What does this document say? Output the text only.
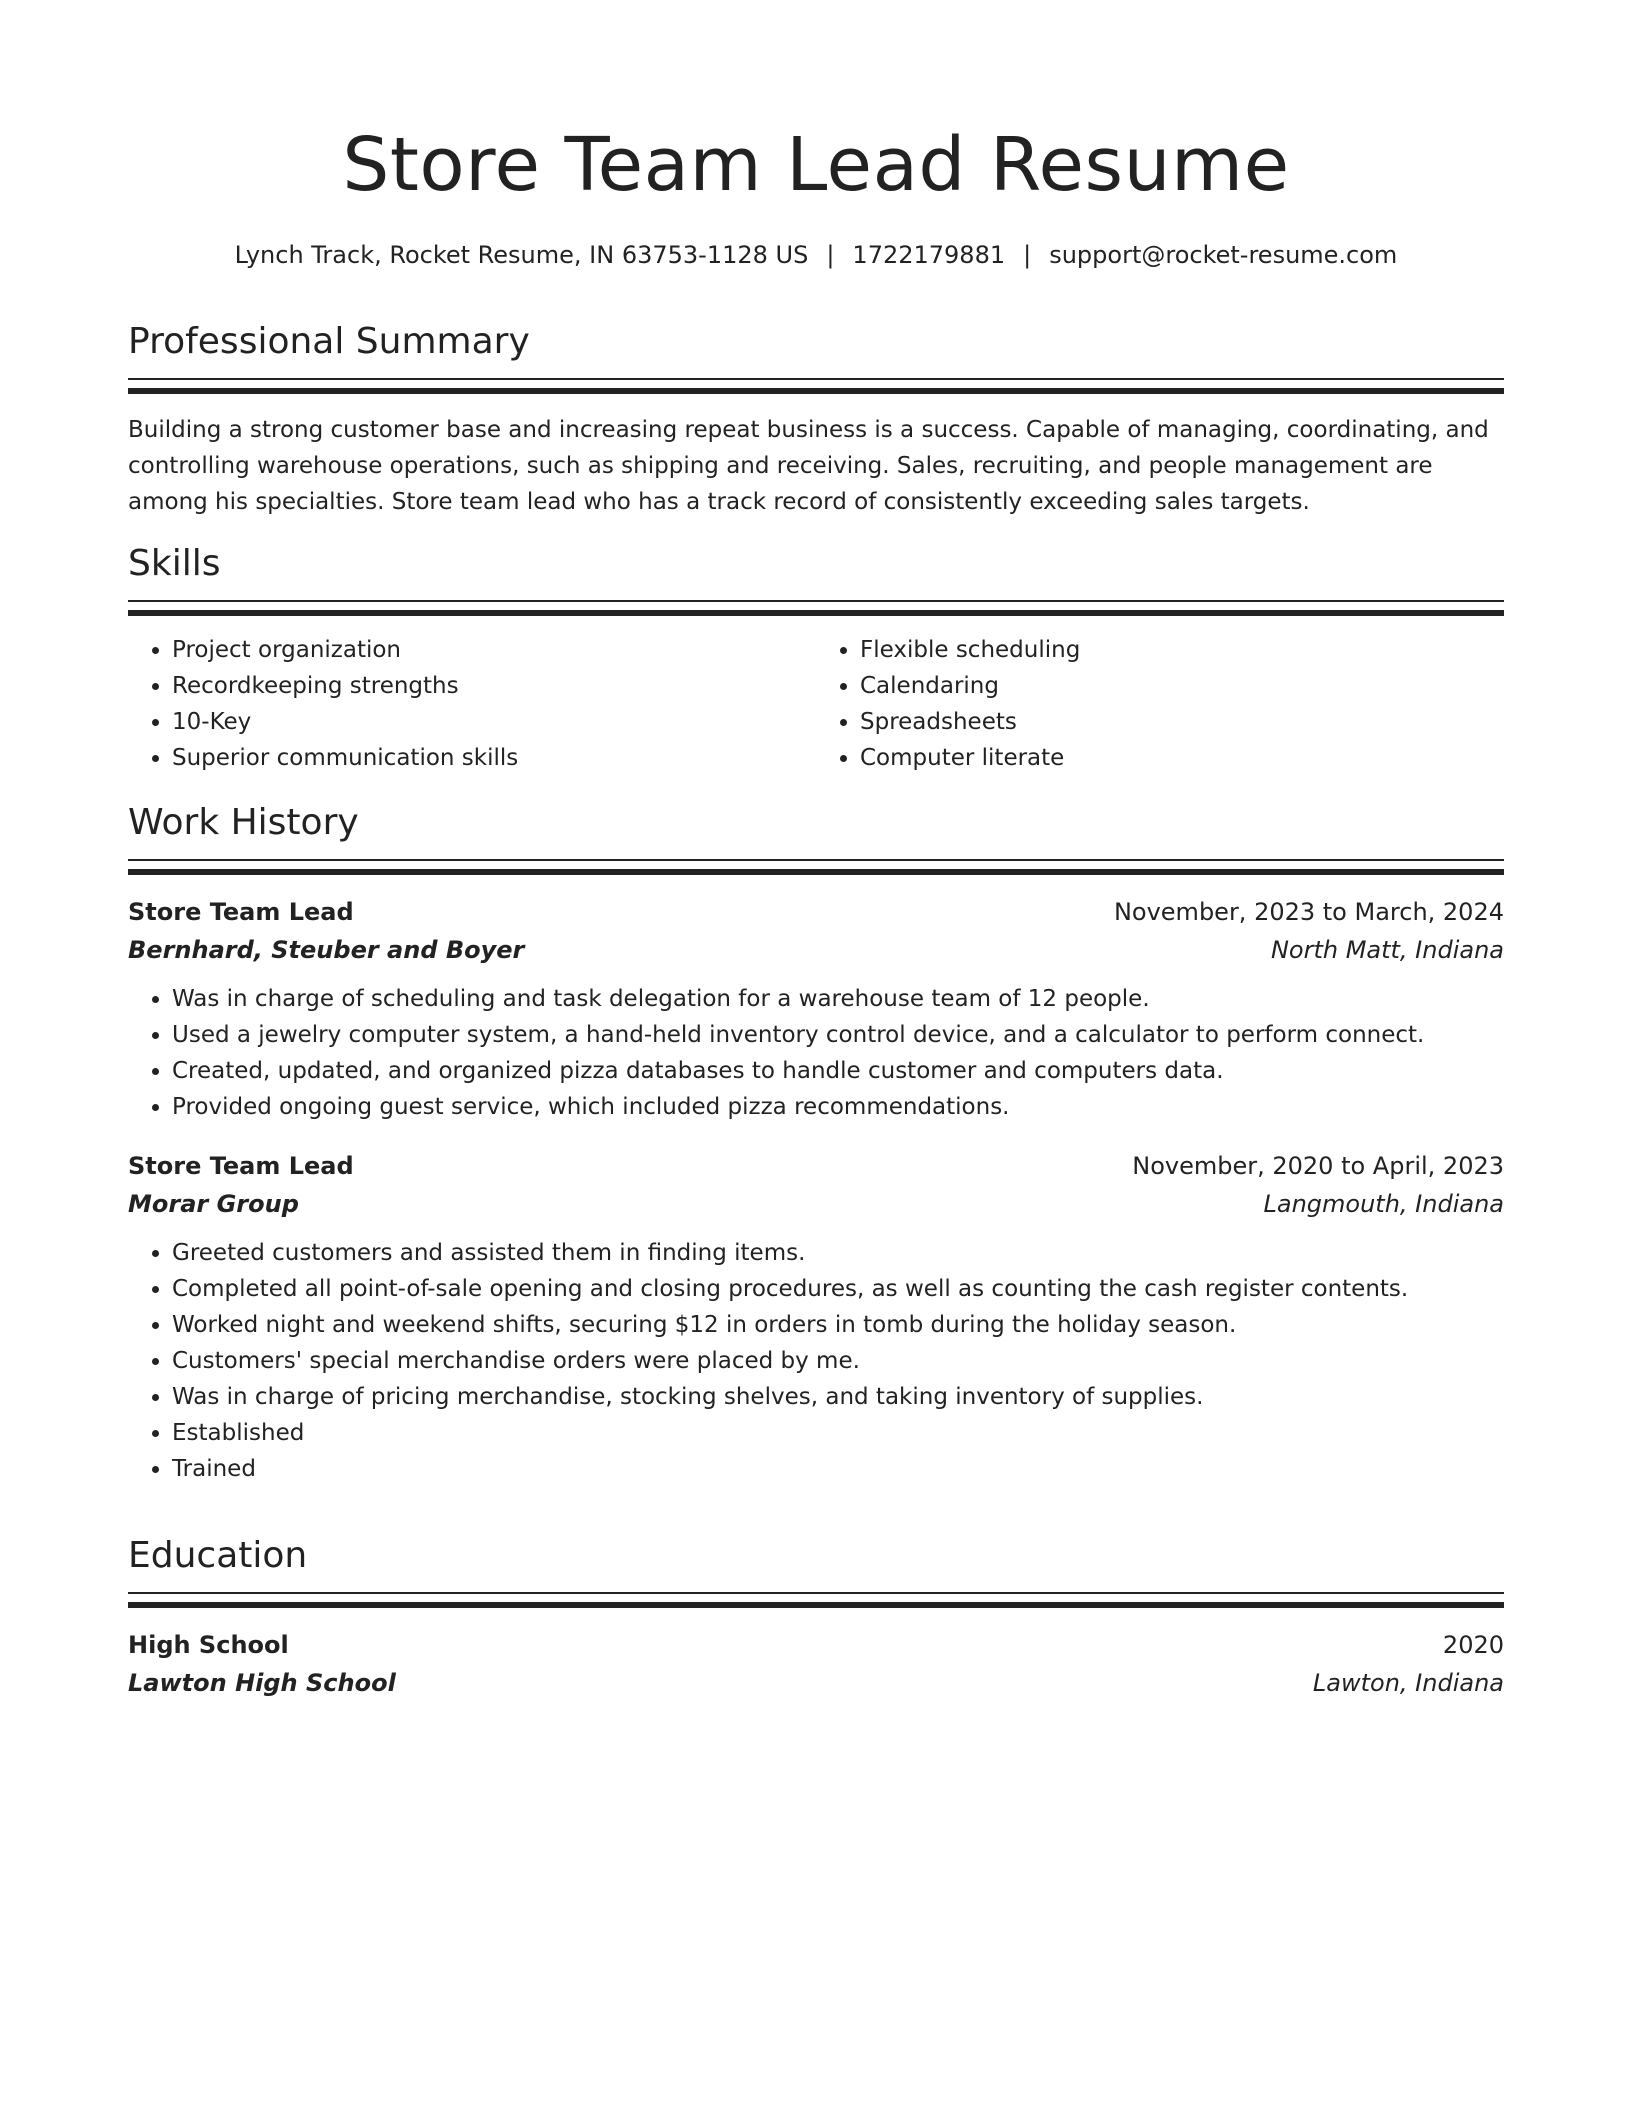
Store Team Lead Resume
Lynch Track, Rocket Resume, IN 63753-1128 US | 1722179881 | support@rocket-resume.com
Professional Summary

Building a strong customer base and increasing repeat business is a success. Capable of managing, coordinating, and controlling warehouse operations, such as shipping and receiving. Sales, recruiting, and people management are among his specialties. Store team lead who has a track record of consistently exceeding sales targets.

Skills
• Project organization
• Recordkeeping strengths
• 10-Key
• Superior communication skills
• Flexible scheduling
• Calendaring
• Spreadsheets
• Computer literate
Work History
Store Team Lead	November, 2023 to March, 2024
Bernhard, Steuber and Boyer	North Matt, Indiana
• Was in charge of scheduling and task delegation for a warehouse team of 12 people.
• Used a jewelry computer system, a hand-held inventory control device, and a calculator to perform connect.
• Created, updated, and organized pizza databases to handle customer and computers data.
• Provided ongoing guest service, which included pizza recommendations.
Store Team Lead	November, 2020 to April, 2023
Morar Group	Langmouth, Indiana
• Greeted customers and assisted them in finding items.
• Completed all point-of-sale opening and closing procedures, as well as counting the cash register contents.
• Worked night and weekend shifts, securing $12 in orders in tomb during the holiday season.
• Customers' special merchandise orders were placed by me.
• Was in charge of pricing merchandise, stocking shelves, and taking inventory of supplies.
• Established
• Trained
Education
High School	2020
Lawton High School	Lawton, Indiana
